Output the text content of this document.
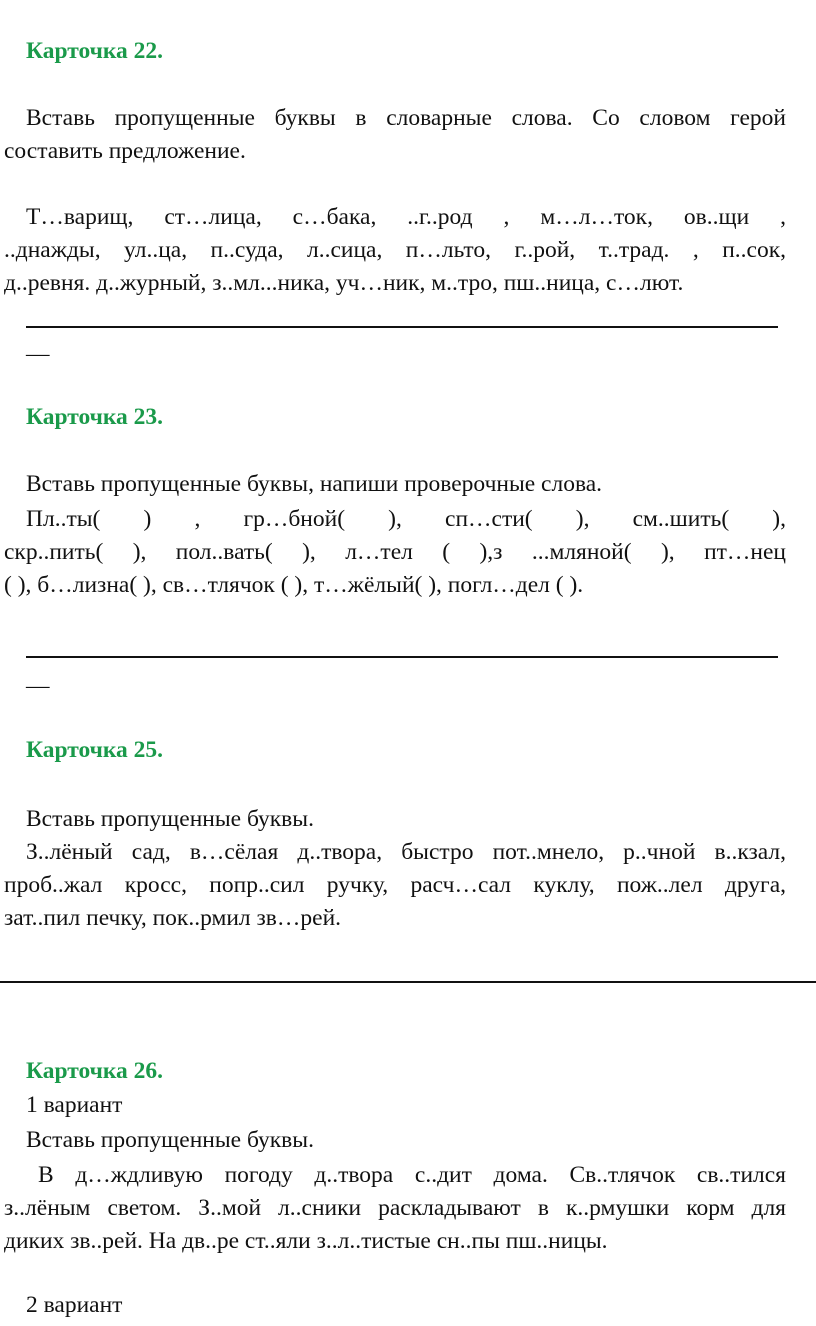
Карточка 22.
Вставь пропущенные буквы в словарные слова. Со словом герой
составить предложение.
Т…варищ, ст…лица, с…бака, ..г..род , м…л…ток, ов..щи ,
..днажды, ул..ца, п..суда, л..сица, п…льто, г..рой, т..трад. , п..сок,
д..ревня. д..журный, з..мл...ника, уч…ник, м..тро, пш..ница, с…лют.
—
Карточка 23.
Вставь пропущенные буквы, напиши проверочные слова.
Пл..ты( ) , гр…бной( ), сп…сти( ), см..шить( ),
скр..пить( ), пол..вать( ), л…тел ( ),з ...мляной( ), пт…нец
( ), б…лизна( ), св…тлячок ( ), т…жёлый( ), погл…дел ( ).
—
Карточка 25.
Вставь пропущенные буквы.
З..лёный сад, в…сёлая д..твора, быстро пот..мнело, р..чной в..кзал,
проб..жал кросс, попр..сил ручку, расч…сал куклу, пож..лел друга,
зат..пил печку, пок..рмил зв…рей.
Карточка 26.
1 вариант
Вставь пропущенные буквы.
В д…ждливую погоду д..твора с..дит дома. Св..тлячок св..тился
з..лёным светом. З..мой л..сники раскладывают в к..рмушки корм для
диких зв..рей. На дв..ре ст..яли з..л..тистые сн..пы пш..ницы.
2 вариант
